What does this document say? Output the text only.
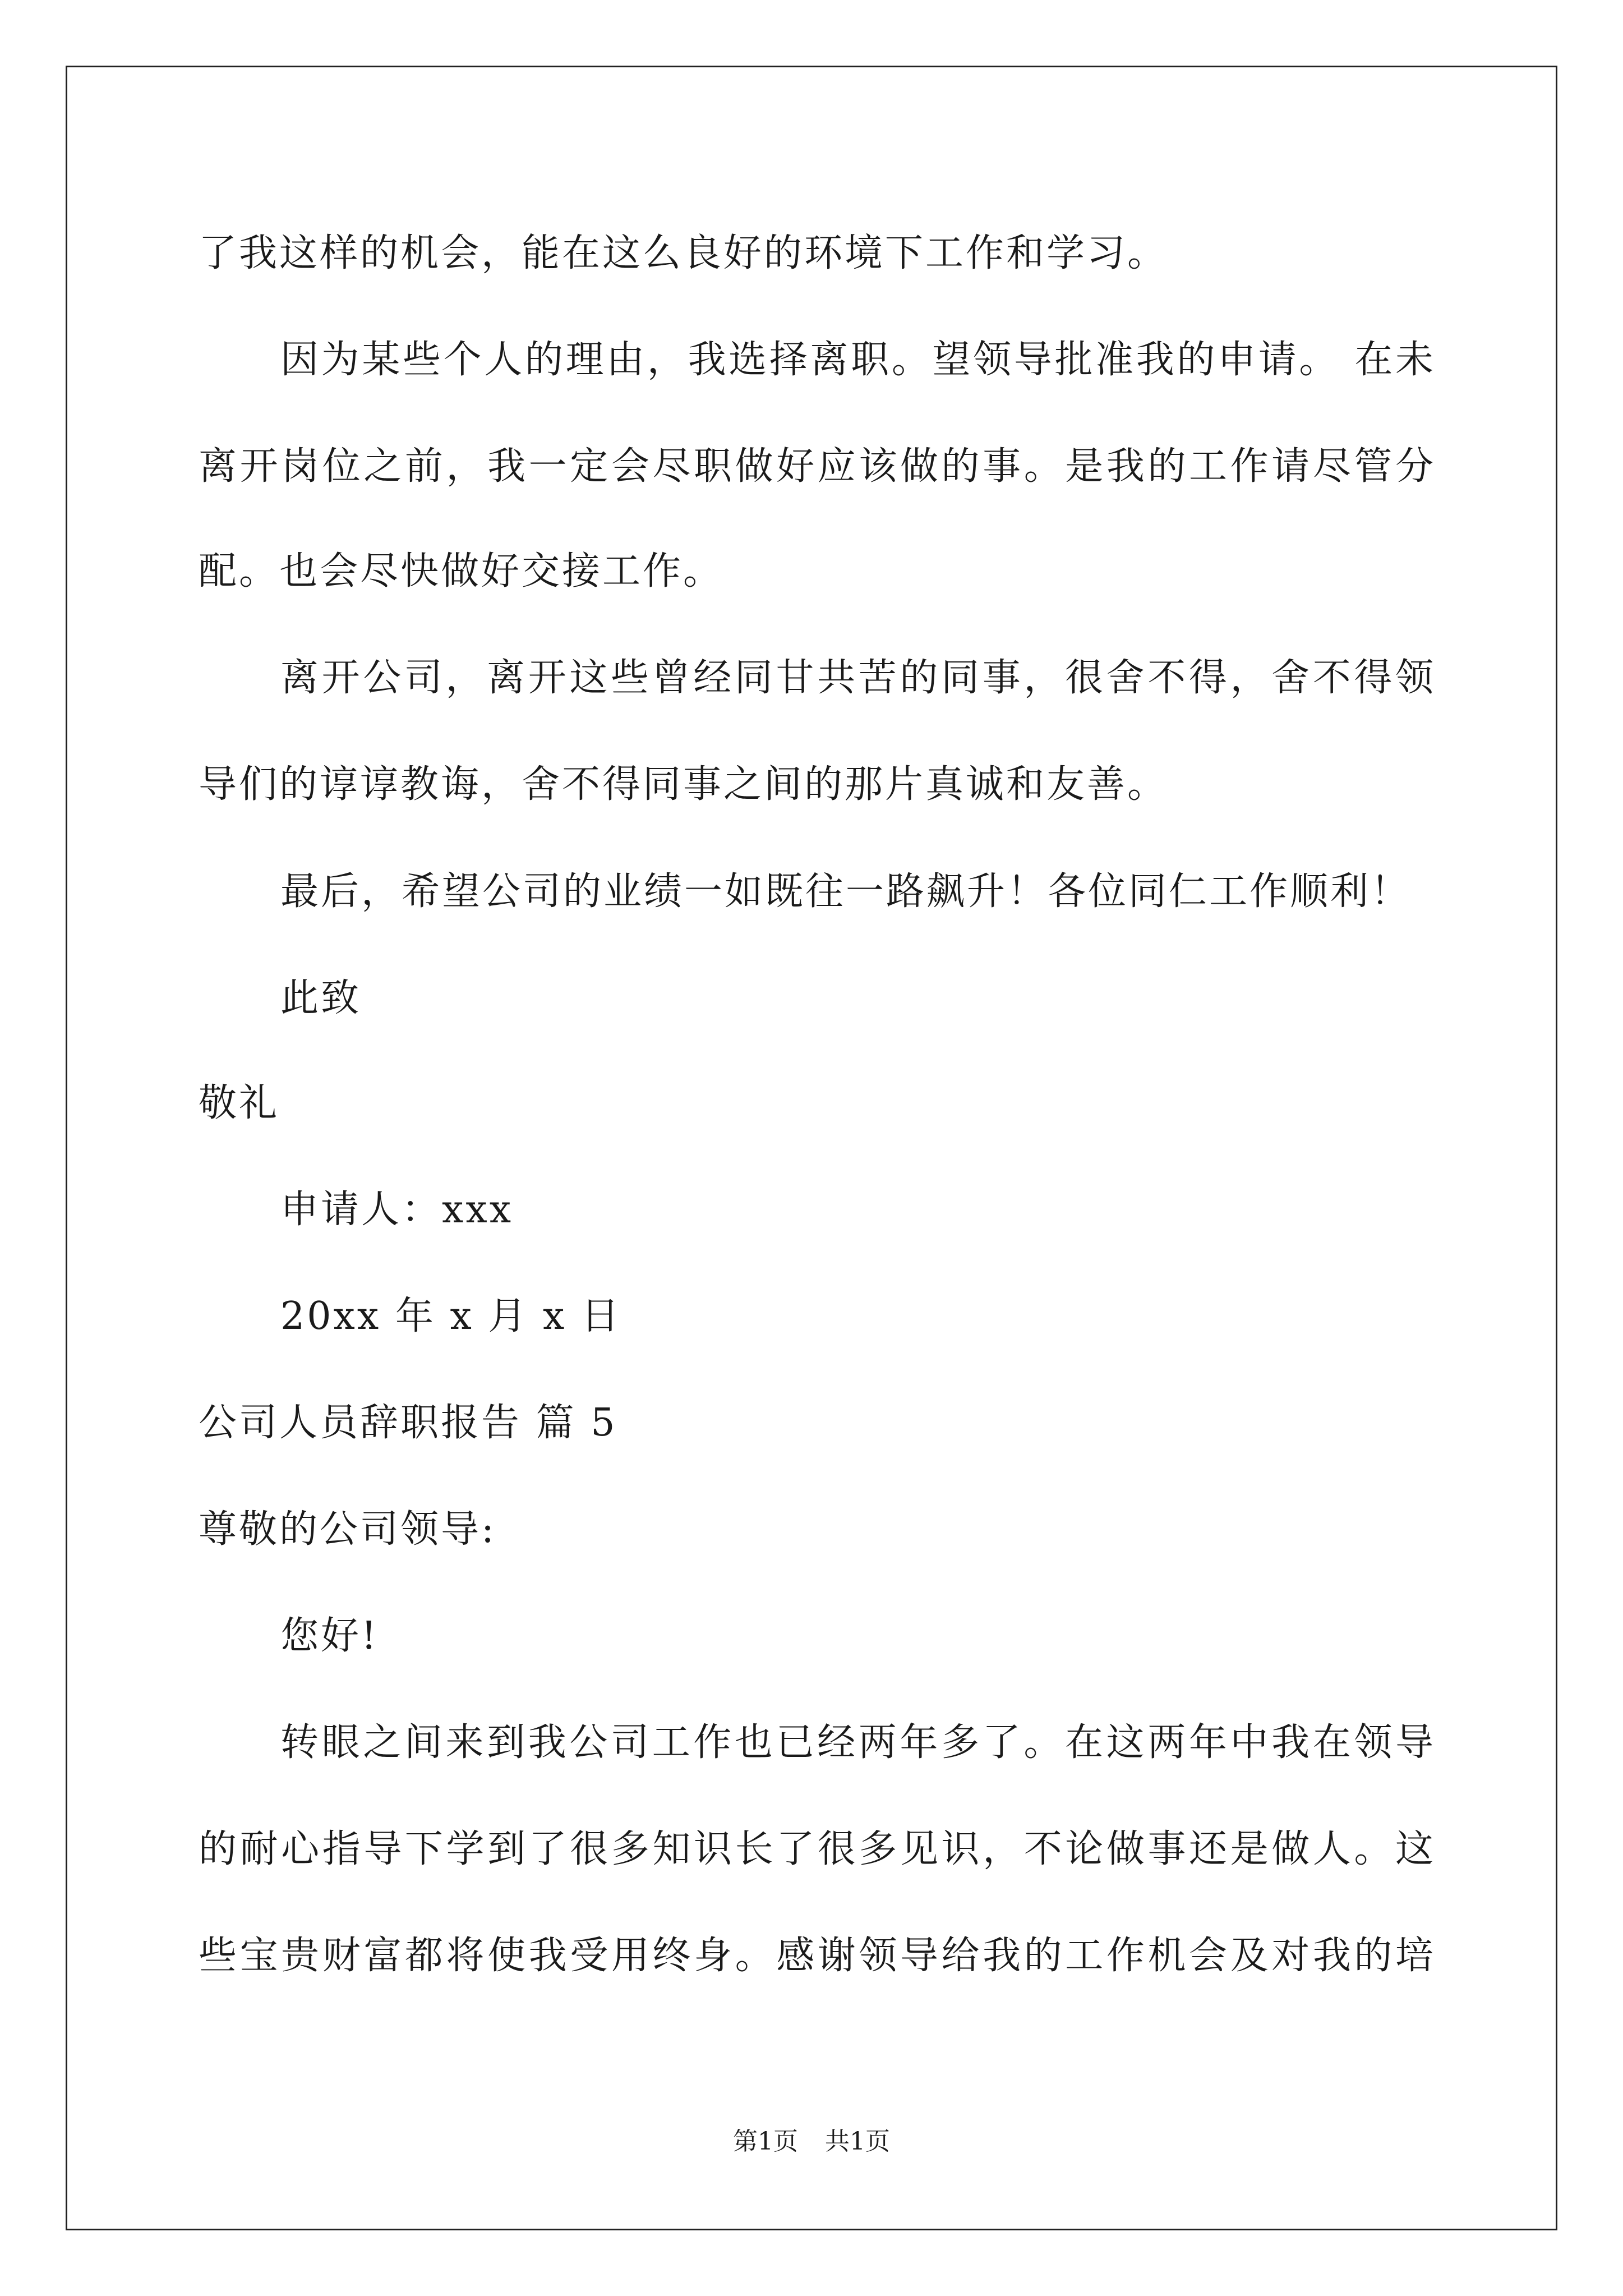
了我这样的机会，能在这么良好的环境下工作和学习。
因为某些个人的理由，我选择离职。望领导批准我的申请。 在未
离开岗位之前，我一定会尽职做好应该做的事。是我的工作请尽管分
配。也会尽快做好交接工作。
离开公司，离开这些曾经同甘共苦的同事，很舍不得，舍不得领
导们的谆谆教诲，舍不得同事之间的那片真诚和友善。
最后，希望公司的业绩一如既往一路飙升！各位同仁工作顺利！
此致
敬礼
申请人：xxx
20xx 年 x 月 x 日
公司人员辞职报告 篇 5
尊敬的公司领导:
您好!
转眼之间来到我公司工作也已经两年多了。在这两年中我在领导
的耐心指导下学到了很多知识长了很多见识，不论做事还是做人。这
些宝贵财富都将使我受用终身。感谢领导给我的工作机会及对我的培
第1页 共1页
